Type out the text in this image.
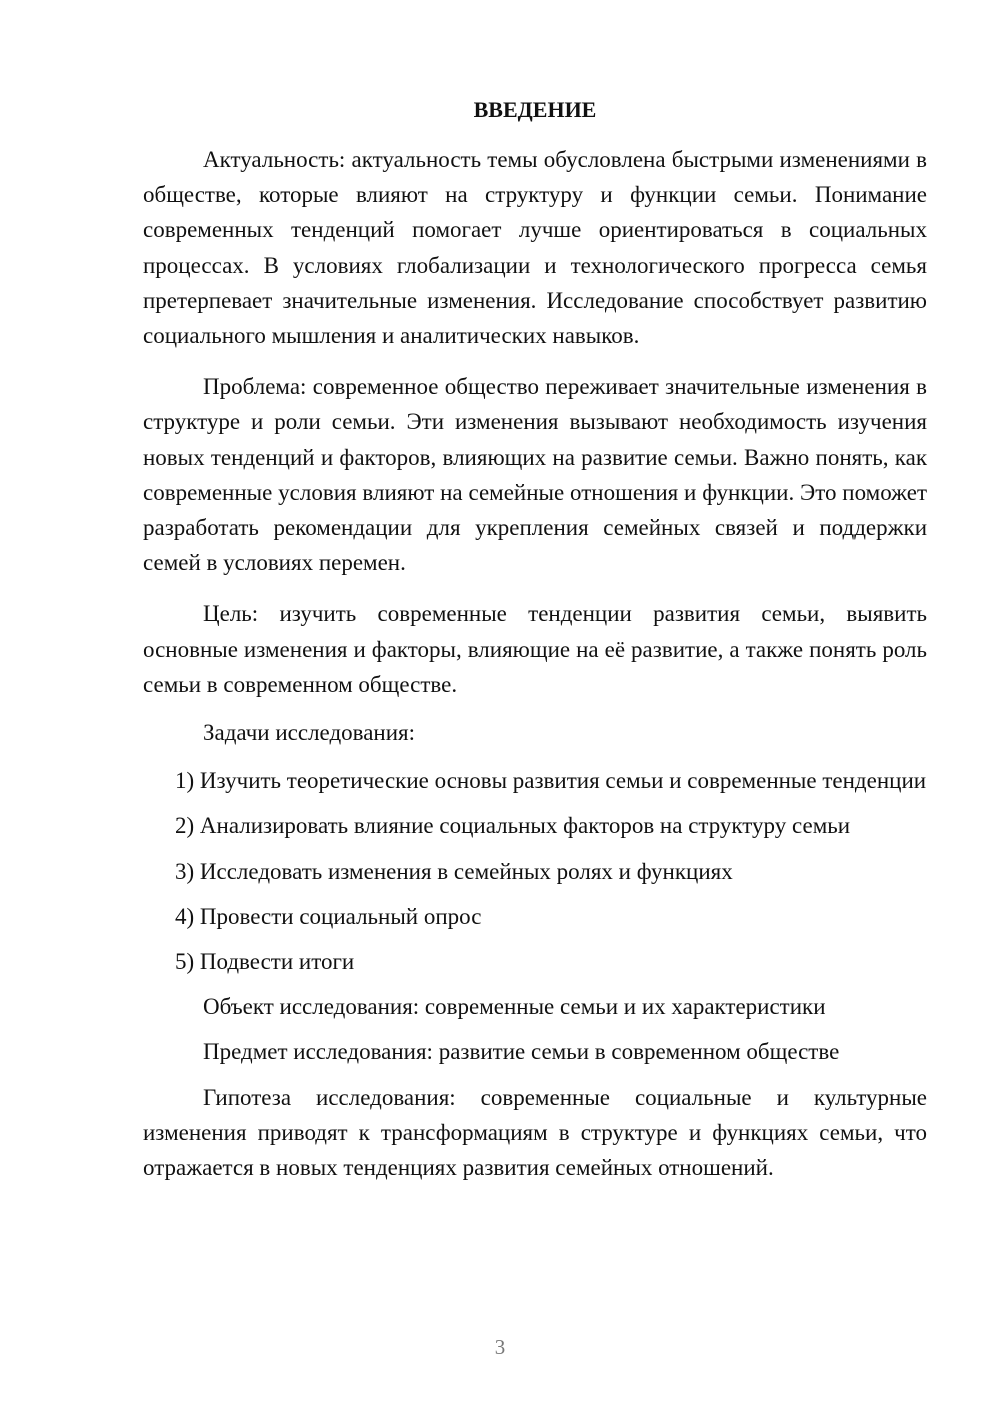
ВВЕДЕНИЕ

Актуальность: актуальность темы обусловлена быстрыми изменениями в обществе, которые влияют на структуру и функции семьи. Понимание современных тенденций помогает лучше ориентироваться в социальных процессах. В условиях глобализации и технологического прогресса семья претерпевает значительные изменения. Исследование способствует развитию социального мышления и аналитических навыков.

Проблема: современное общество переживает значительные изменения в структуре и роли семьи. Эти изменения вызывают необходимость изучения новых тенденций и факторов, влияющих на развитие семьи. Важно понять, как современные условия влияют на семейные отношения и функции. Это поможет разработать рекомендации для укрепления семейных связей и поддержки семей в условиях перемен.

Цель: изучить современные тенденции развития семьи, выявить основные изменения и факторы, влияющие на её развитие, а также понять роль семьи в современном обществе.

Задачи исследования:

1) Изучить теоретические основы развития семьи и современные тенденции

2) Анализировать влияние социальных факторов на структуру семьи

3) Исследовать изменения в семейных ролях и функциях

4) Провести социальный опрос

5) Подвести итоги

Объект исследования: современные семьи и их характеристики

Предмет исследования: развитие семьи в современном обществе

Гипотеза исследования: современные социальные и культурные изменения приводят к трансформациям в структуре и функциях семьи, что отражается в новых тенденциях развития семейных отношений.

3
